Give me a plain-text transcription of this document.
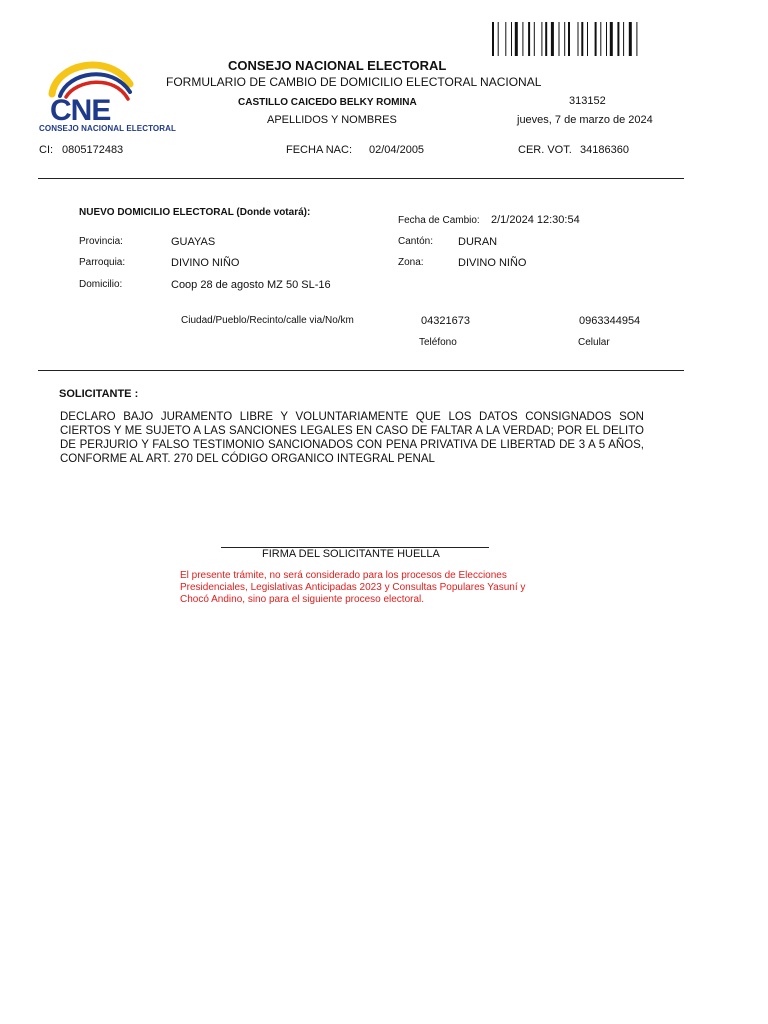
CNE
CONSEJO NACIONAL ELECTORAL
CONSEJO NACIONAL ELECTORAL
FORMULARIO DE CAMBIO DE DOMICILIO ELECTORAL NACIONAL
CASTILLO CAICEDO BELKY ROMINA
APELLIDOS Y NOMBRES
313152
jueves, 7 de marzo de 2024
CI: 0805172483	FECHA NAC: 02/04/2005	CER. VOT. 34186360
NUEVO DOMICILIO ELECTORAL (Donde votará):
Fecha de Cambio: 2/1/2024 12:30:54
Provincia:	GUAYAS	Cantón: DURAN
Parroquia:	DIVINO NIÑO	Zona:	DIVINO NIÑO
Domicilio:	Coop 28 de agosto MZ 50 SL-16
Ciudad/Pueblo/Recinto/calle via/No/km	04321673	0963344954
Teléfono	Celular
SOLICITANTE :
DECLARO BAJO JURAMENTO LIBRE Y VOLUNTARIAMENTE QUE LOS DATOS CONSIGNADOS SON CIERTOS Y ME SUJETO A LAS SANCIONES LEGALES EN CASO DE FALTAR A LA VERDAD; POR EL DELITO DE PERJURIO Y FALSO TESTIMONIO SANCIONADOS CON PENA PRIVATIVA DE LIBERTAD DE 3 A 5 AÑOS, CONFORME AL ART. 270 DEL CÓDIGO ORGANICO INTEGRAL PENAL
FIRMA DEL SOLICITANTE HUELLA
El presente trámite, no será considerado para los procesos de Elecciones Presidenciales, Legislativas Anticipadas 2023 y Consultas Populares Yasuní y Chocó Andino, sino para el siguiente proceso electoral.
